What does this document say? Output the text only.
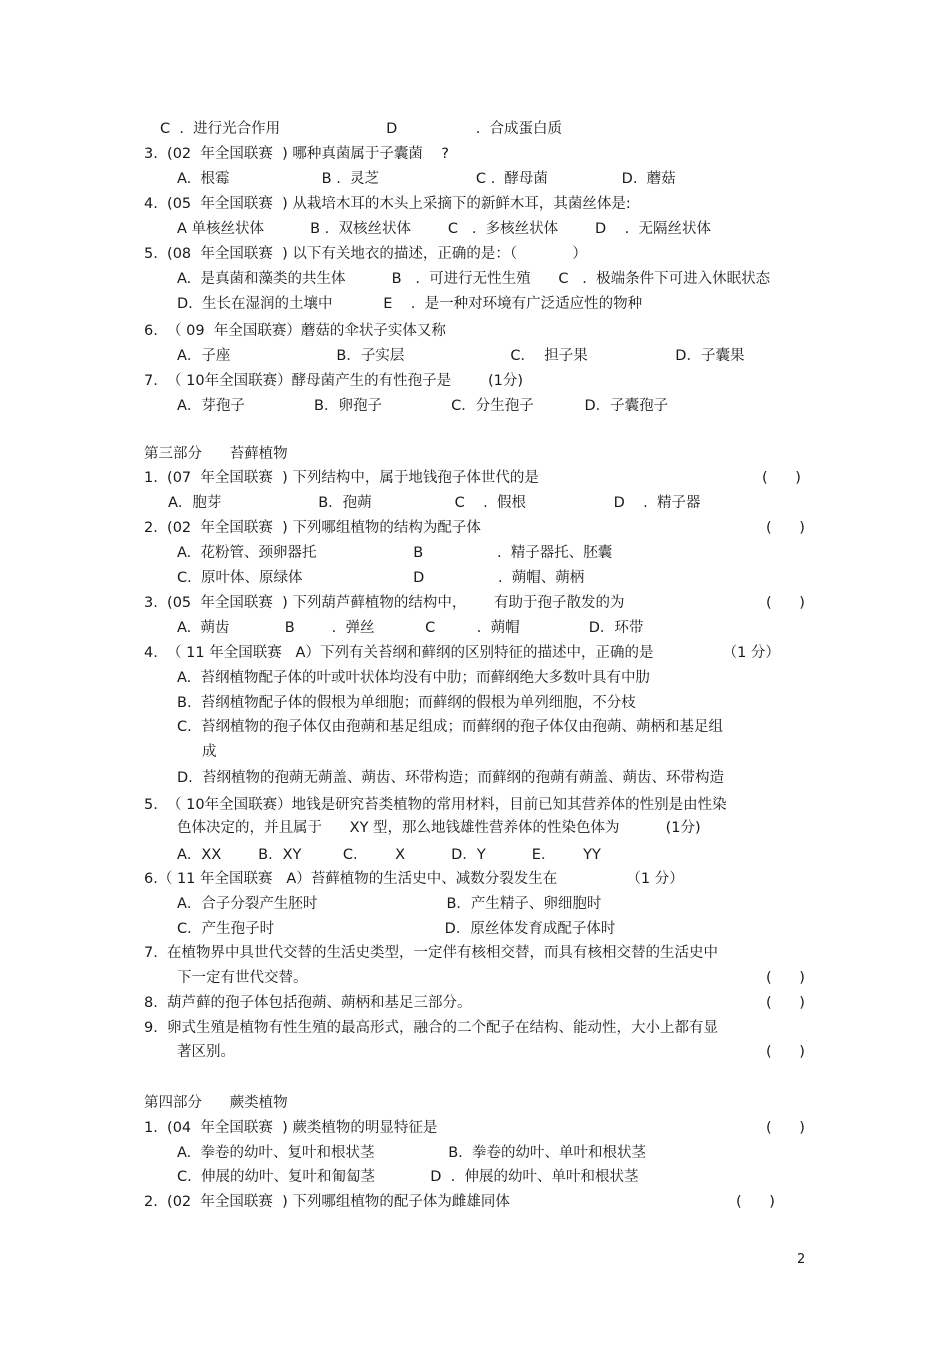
C  .  进行光合作用                       D                 .  合成蛋白质
3.  (02  年全国联赛  ) 哪种真菌属于子囊菌    ?
A.  根霉                    B .  灵芝                     C .  酵母菌                D.  蘑菇
4.  (05  年全国联赛  ) 从栽培木耳的木头上采摘下的新鲜木耳，其菌丝体是:
A 单核丝状体          B .  双核丝状体        C   .  多核丝状体        D    .  无隔丝状体
5.  (08  年全国联赛  ) 以下有关地衣的描述，正确的是：（            ）
A.  是真菌和藻类的共生体          B   .  可进行无性生殖      C   .  极端条件下可进入休眠状态
D.  生长在湿润的土壤中           E    .  是一种对环境有广泛适应性的物种
6.  （ 09  年全国联赛）蘑菇的伞状子实体又称
A．子座                       B．子实层                       C．  担子果                   D．子囊果
7.  （ 10年全国联赛）酵母菌产生的有性孢子是        (1分)
A．芽孢子               B．卵孢子               C．分生孢子           D．子囊孢子
第三部分      苔藓植物
1.  (07  年全国联赛  ) 下列结构中，属于地钱孢子体世代的是	(      )
A．胞芽                     B．孢蒴                  C    .  假根                   D    .  精子器
2.  (02  年全国联赛  ) 下列哪组植物的结构为配子体	(      )
A.  花粉管、颈卵器托                     B                .  精子器托、胚囊
C.  原叶体、原绿体                        D                .  蒴帽、蒴柄
3.  (05  年全国联赛  ) 下列葫芦藓植物的结构中，      有助于孢子散发的为	(      )
A.  蒴齿            B        .  弹丝           C         .  蒴帽               D．环带
4.  （ 11 年全国联赛   A）下列有关苔纲和藓纲的区别特征的描述中，正确的是               （1 分）
A.  苔纲植物配子体的叶或叶状体均没有中肋；而藓纲绝大多数叶具有中肋
B.  苔纲植物配子体的假根为单细胞；而藓纲的假根为单列细胞，不分枝
C.  苔纲植物的孢子体仅由孢蒴和基足组成；而藓纲的孢子体仅由孢蒴、蒴柄和基足组
成
D.  苔纲植物的孢蒴无蒴盖、蒴齿、环带构造；而藓纲的孢蒴有蒴盖、蒴齿、环带构造
5.  （ 10年全国联赛）地钱是研究苔类植物的常用材料，目前已知其营养体的性别是由性染
色体决定的，并且属于      XY 型，那么地钱雄性营养体的性染色体为          (1分)
A．XX        B．XY         C．      X          D．Y          E．      YY
6.（ 11 年全国联赛   A）苔藓植物的生活史中、减数分裂发生在               （1 分）
A．合子分裂产生胚时                            B．产生精子、卵细胞时
C．产生孢子时                                     D．原丝体发育成配子体时
7.  在植物界中具世代交替的生活史类型，一定伴有核相交替，而具有核相交替的生活史中
下一定有世代交替。	(      )
8.  葫芦藓的孢子体包括孢蒴、蒴柄和基足三部分。	(      )
9.  卵式生殖是植物有性生殖的最高形式，融合的二个配子在结构、能动性，大小上都有显
著区别。	(      )
第四部分      蕨类植物
1.  (04  年全国联赛  ) 蕨类植物的明显特征是	(      )
A.  拳卷的幼叶、复叶和根状茎                B.  拳卷的幼叶、单叶和根状茎
C.  伸展的幼叶、复叶和匍匐茎            D  .  伸展的幼叶、单叶和根状茎
2.  (02  年全国联赛  ) 下列哪组植物的配子体为雌雄同体	(      )
2
